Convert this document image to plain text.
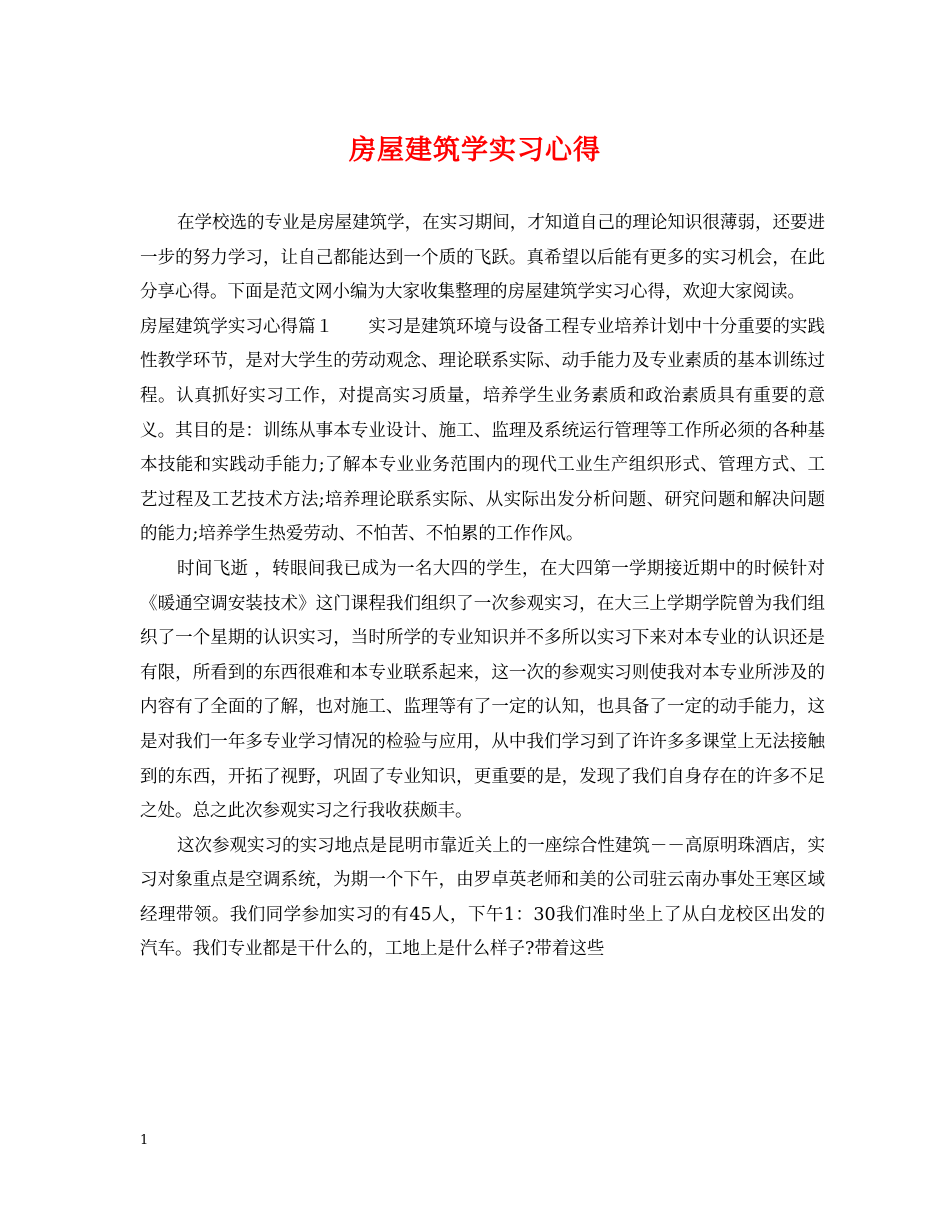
房屋建筑学实习心得

在学校选的专业是房屋建筑学，在实习期间，才知道自己的理论知识很薄弱，还要进一步的努力学习，让自己都能达到一个质的飞跃。真希望以后能有更多的实习机会，在此分享心得。下面是范文网小编为大家收集整理的房屋建筑学实习心得，欢迎大家阅读。

房屋建筑学实习心得篇１　　实习是建筑环境与设备工程专业培养计划中十分重要的实践性教学环节，是对大学生的劳动观念、理论联系实际、动手能力及专业素质的基本训练过程。认真抓好实习工作，对提高实习质量，培养学生业务素质和政治素质具有重要的意义。其目的是：训练从事本专业设计、施工、监理及系统运行管理等工作所必须的各种基本技能和实践动手能力;了解本专业业务范围内的现代工业生产组织形式、管理方式、工艺过程及工艺技术方法;培养理论联系实际、从实际出发分析问题、研究问题和解决问题的能力;培养学生热爱劳动、不怕苦、不怕累的工作作风。

时间飞逝 ，转眼间我已成为一名大四的学生，在大四第一学期接近期中的时候针对《暖通空调安装技术》这门课程我们组织了一次参观实习，在大三上学期学院曾为我们组织了一个星期的认识实习，当时所学的专业知识并不多所以实习下来对本专业的认识还是有限，所看到的东西很难和本专业联系起来，这一次的参观实习则使我对本专业所涉及的内容有了全面的了解，也对施工、监理等有了一定的认知，也具备了一定的动手能力，这是对我们一年多专业学习情况的检验与应用，从中我们学习到了许许多多课堂上无法接触到的东西，开拓了视野，巩固了专业知识，更重要的是，发现了我们自身存在的许多不足之处。总之此次参观实习之行我收获颇丰。

这次参观实习的实习地点是昆明市靠近关上的一座综合性建筑－－高原明珠酒店，实习对象重点是空调系统，为期一个下午，由罗卓英老师和美的公司驻云南办事处王寒区域经理带领。我们同学参加实习的有45人，下午1：30我们准时坐上了从白龙校区出发的汽车。我们专业都是干什么的，工地上是什么样子?带着这些

1
